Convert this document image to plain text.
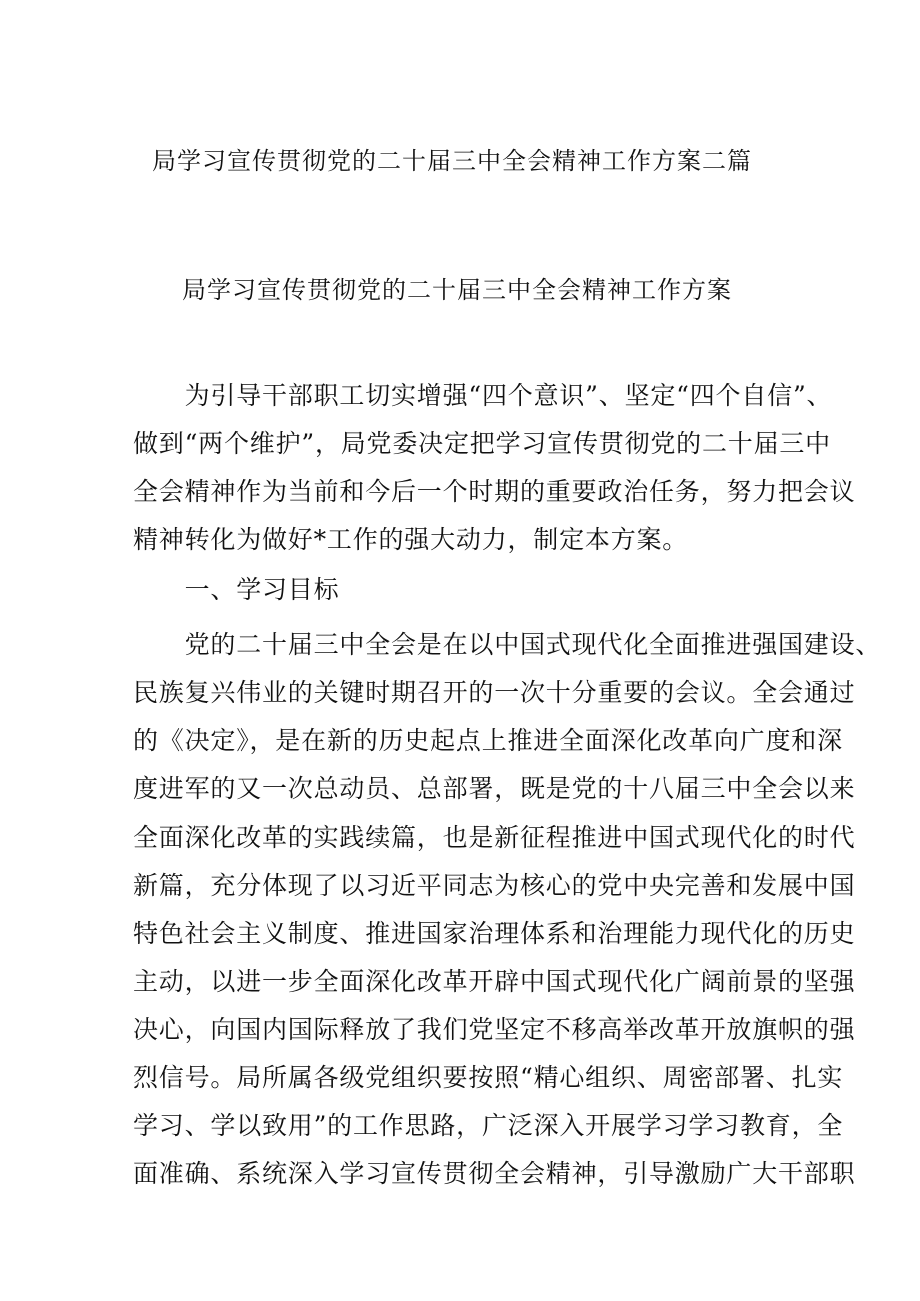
局学习宣传贯彻党的二十届三中全会精神工作方案二篇
局学习宣传贯彻党的二十届三中全会精神工作方案

　　为引导干部职工切实增强“四个意识”、坚定“四个自信”、

做到“两个维护”，局党委决定把学习宣传贯彻党的二十届三中

全会精神作为当前和今后一个时期的重要政治任务，努力把会议

精神转化为做好*工作的强大动力，制定本方案。

　　一、学习目标

　　党的二十届三中全会是在以中国式现代化全面推进强国建设、

民族复兴伟业的关键时期召开的一次十分重要的会议。全会通过

的《决定》，是在新的历史起点上推进全面深化改革向广度和深

度进军的又一次总动员、总部署，既是党的十八届三中全会以来

全面深化改革的实践续篇，也是新征程推进中国式现代化的时代

新篇，充分体现了以习近平同志为核心的党中央完善和发展中国

特色社会主义制度、推进国家治理体系和治理能力现代化的历史

主动，以进一步全面深化改革开辟中国式现代化广阔前景的坚强

决心，向国内国际释放了我们党坚定不移高举改革开放旗帜的强

烈信号。局所属各级党组织要按照“精心组织、周密部署、扎实

学习、学以致用”的工作思路，广泛深入开展学习学习教育，全

面准确、系统深入学习宣传贯彻全会精神，引导激励广大干部职
